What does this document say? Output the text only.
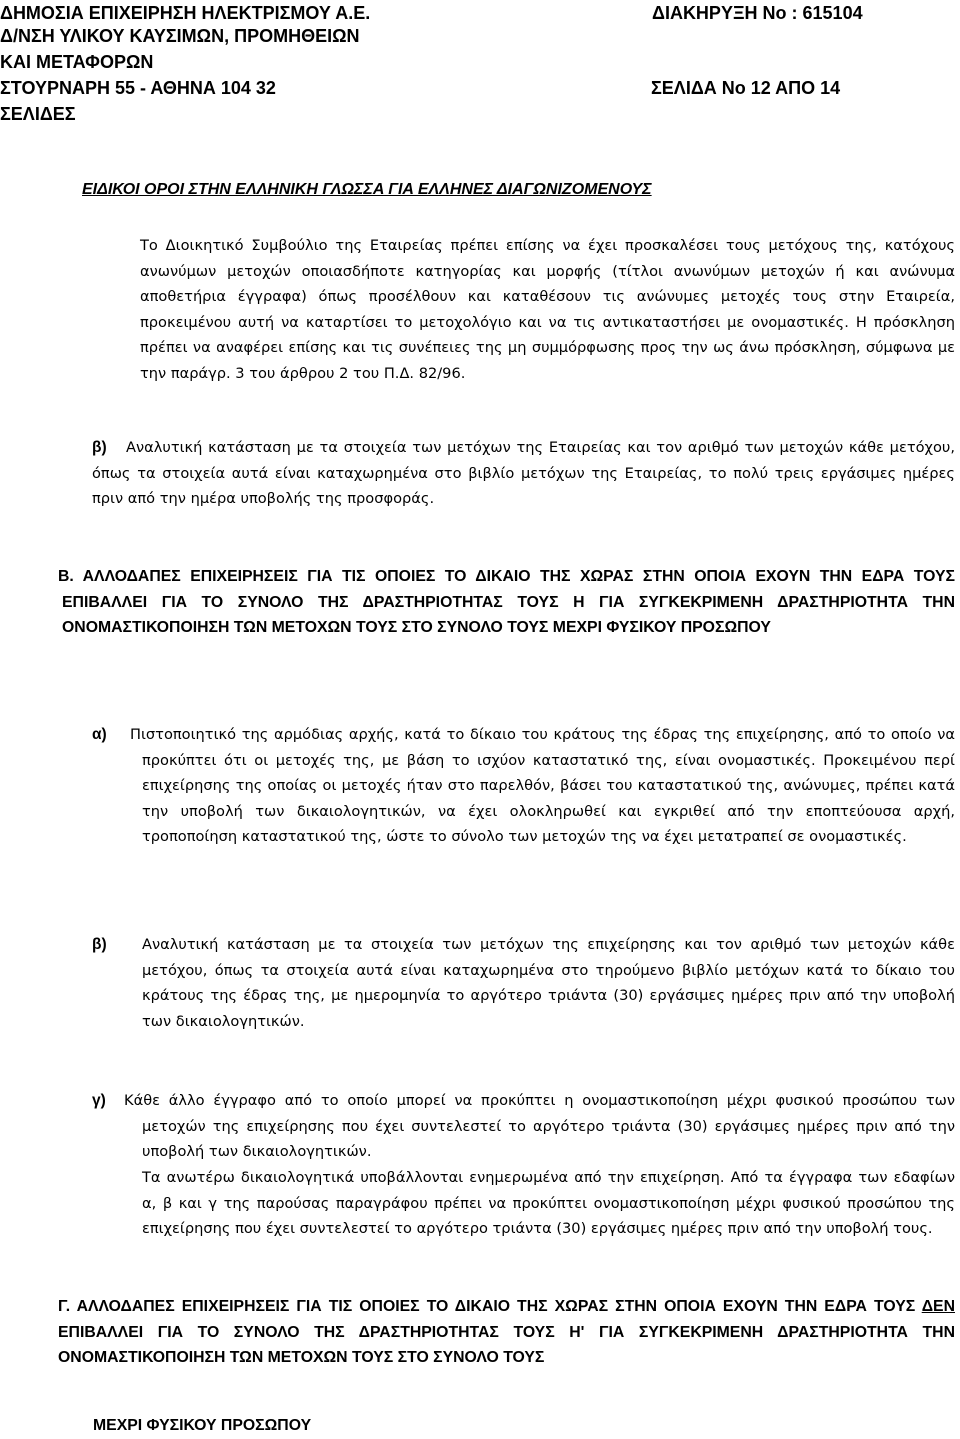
ΔΗΜΟΣΙΑ ΕΠΙΧΕΙΡΗΣΗ ΗΛΕΚΤΡΙΣΜΟΥ Α.Ε.	ΔΙΑΚΗΡΥΞΗ Νο : 615104
Δ/ΝΣΗ ΥΛΙΚΟΥ ΚΑΥΣΙΜΩΝ, ΠΡΟΜΗΘΕΙΩΝ
ΚΑΙ ΜΕΤΑΦΟΡΩΝ
ΣΤΟΥΡΝΑΡΗ 55 - ΑΘΗΝΑ 104 32	ΣΕΛΙΔΑ Νο 12 ΑΠΟ 14
ΣΕΛΙΔΕΣ
ΕΙΔΙΚΟΙ ΟΡΟΙ ΣΤΗΝ ΕΛΛΗΝΙΚΗ ΓΛΩΣΣΑ ΓΙΑ ΕΛΛΗΝΕΣ ΔΙΑΓΩΝΙΖΟΜΕΝΟΥΣ
Το Διοικητικό Συμβούλιο της Εταιρείας πρέπει επίσης να έχει προσκαλέσει τους μετόχους της, κατόχους ανωνύμων μετοχών οποιασδήποτε κατηγορίας και μορφής (τίτλοι ανωνύμων μετοχών ή και ανώνυμα αποθετήρια έγγραφα) όπως προσέλθουν και καταθέσουν τις ανώνυμες μετοχές τους στην Εταιρεία, προκειμένου αυτή να καταρτίσει το μετοχολόγιο και να τις αντικαταστήσει με ονομαστικές. Η πρόσκληση πρέπει να αναφέρει επίσης και τις συνέπειες της μη συμμόρφωσης προς την ως άνω πρόσκληση, σύμφωνα με την παράγρ. 3 του άρθρου 2 του Π.Δ. 82/96.
β)	Αναλυτική κατάσταση με τα στοιχεία των μετόχων της Εταιρείας και τον αριθμό των μετοχών κάθε μετόχου, όπως τα στοιχεία αυτά είναι καταχωρημένα στο βιβλίο μετόχων της Εταιρείας, το πολύ τρεις εργάσιμες ημέρες πριν από την ημέρα υποβολής της προσφοράς.
Β. ΑΛΛΟΔΑΠΕΣ ΕΠΙΧΕΙΡΗΣΕΙΣ ΓΙΑ ΤΙΣ ΟΠΟΙΕΣ ΤΟ ΔΙΚΑΙΟ ΤΗΣ ΧΩΡΑΣ ΣΤΗΝ ΟΠΟΙΑ ΕΧΟΥΝ ΤΗΝ ΕΔΡΑ ΤΟΥΣ ΕΠΙΒΑΛΛΕΙ ΓΙΑ ΤΟ ΣΥΝΟΛΟ ΤΗΣ ΔΡΑΣΤΗΡΙΟΤΗΤΑΣ ΤΟΥΣ Η ΓΙΑ ΣΥΓΚΕΚΡΙΜΕΝΗ ΔΡΑΣΤΗΡΙΟΤΗΤΑ ΤΗΝ ΟΝΟΜΑΣΤΙΚΟΠΟΙΗΣΗ ΤΩΝ ΜΕΤΟΧΩΝ ΤΟΥΣ ΣΤΟ ΣΥΝΟΛΟ ΤΟΥΣ ΜΕΧΡΙ ΦΥΣΙΚΟΥ ΠΡΟΣΩΠΟΥ
α) Πιστοποιητικό της αρμόδιας αρχής, κατά το δίκαιο του κράτους της έδρας της επιχείρησης, από το οποίο να προκύπτει ότι οι μετοχές της, με βάση το ισχύον καταστατικό της, είναι ονομαστικές. Προκειμένου περί επιχείρησης της οποίας οι μετοχές ήταν στο παρελθόν, βάσει του καταστατικού της, ανώνυμες, πρέπει κατά την υποβολή των δικαιολογητικών, να έχει ολοκληρωθεί και εγκριθεί από την εποπτεύουσα αρχή, τροποποίηση καταστατικού της, ώστε το σύνολο των μετοχών της να έχει μετατραπεί σε ονομαστικές.
β) Αναλυτική κατάσταση με τα στοιχεία των μετόχων της επιχείρησης και τον αριθμό των μετοχών κάθε μετόχου, όπως τα στοιχεία αυτά είναι καταχωρημένα στο τηρούμενο βιβλίο μετόχων κατά το δίκαιο του κράτους της έδρας της, με ημερομηνία το αργότερο τριάντα (30) εργάσιμες ημέρες πριν από την υποβολή των δικαιολογητικών.
γ) Κάθε άλλο έγγραφο από το οποίο μπορεί να προκύπτει η ονομαστικοποίηση μέχρι φυσικού προσώπου των μετοχών της επιχείρησης που έχει συντελεστεί το αργότερο τριάντα (30) εργάσιμες ημέρες πριν από την υποβολή των δικαιολογητικών.
Τα ανωτέρω δικαιολογητικά υποβάλλονται ενημερωμένα από την επιχείρηση. Από τα έγγραφα των εδαφίων α, β και γ της παρούσας παραγράφου πρέπει να προκύπτει ονομαστικοποίηση μέχρι φυσικού προσώπου της επιχείρησης που έχει συντελεστεί το αργότερο τριάντα (30) εργάσιμες ημέρες πριν από την υποβολή τους.
Γ. ΑΛΛΟΔΑΠΕΣ ΕΠΙΧΕΙΡΗΣΕΙΣ ΓΙΑ ΤΙΣ ΟΠΟΙΕΣ ΤΟ ΔΙΚΑΙΟ ΤΗΣ ΧΩΡΑΣ ΣΤΗΝ ΟΠΟΙΑ ΕΧΟΥΝ ΤΗΝ ΕΔΡΑ ΤΟΥΣ ΔΕΝ ΕΠΙΒΑΛΛΕΙ ΓΙΑ ΤΟ ΣΥΝΟΛΟ ΤΗΣ ΔΡΑΣΤΗΡΙΟΤΗΤΑΣ ΤΟΥΣ Η' ΓΙΑ ΣΥΓΚΕΚΡΙΜΕΝΗ ΔΡΑΣΤΗΡΙΟΤΗΤΑ ΤΗΝ ΟΝΟΜΑΣΤΙΚΟΠΟΙΗΣΗ ΤΩΝ ΜΕΤΟΧΩΝ ΤΟΥΣ ΣΤΟ ΣΥΝΟΛΟ ΤΟΥΣ
ΜΕΧΡΙ ΦΥΣΙΚΟΥ ΠΡΟΣΩΠΟΥ
